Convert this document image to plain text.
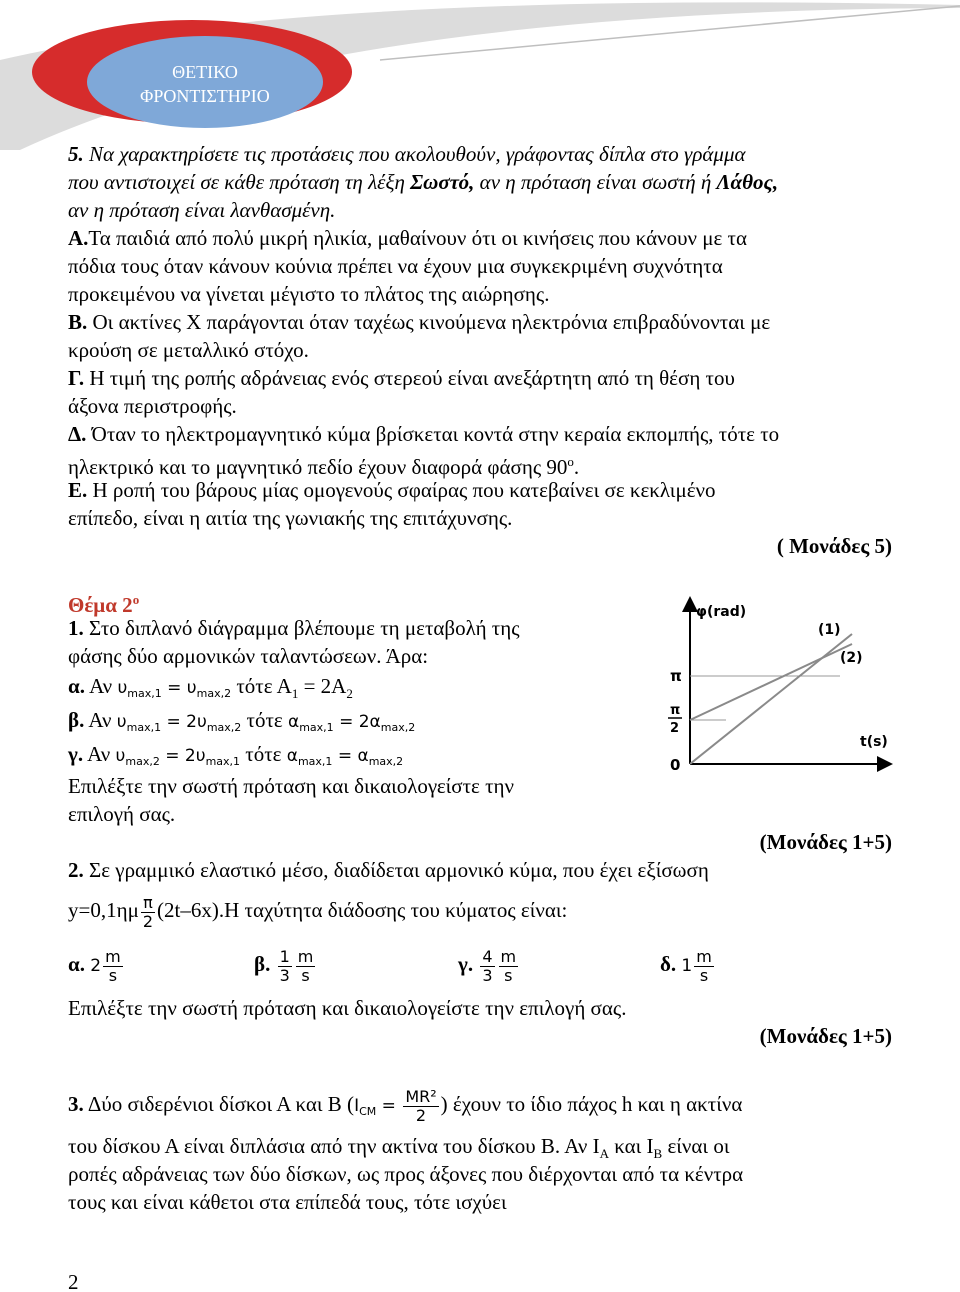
ΘΕΤΙΚΟ
ΦΡΟΝΤΙΣΤΗΡΙΟ
5. Να χαρακτηρίσετε τις προτάσεις που ακολουθούν, γράφοντας δίπλα στο γράμμα
που αντιστοιχεί σε κάθε πρόταση τη λέξη Σωστό, αν η πρόταση είναι σωστή ή Λάθος,
αν η πρόταση είναι λανθασμένη.
Α.Τα παιδιά από πολύ μικρή ηλικία, μαθαίνουν ότι οι κινήσεις που κάνουν με τα
πόδια τους όταν κάνουν κούνια πρέπει να έχουν μια συγκεκριμένη συχνότητα
προκειμένου να γίνεται μέγιστο το πλάτος της αιώρησης.
Β. Οι ακτίνες Χ παράγονται όταν ταχέως κινούμενα ηλεκτρόνια επιβραδύνονται με
κρούση σε μεταλλικό στόχο.
Γ. Η τιμή της ροπής αδράνειας ενός στερεού είναι ανεξάρτητη από τη θέση του
άξονα περιστροφής.
Δ. Όταν το ηλεκτρομαγνητικό κύμα βρίσκεται κοντά στην κεραία εκπομπής, τότε το
ηλεκτρικό και το μαγνητικό πεδίο έχουν διαφορά φάσης $90^o$.
Ε. Η ροπή του βάρους μίας ομογενούς σφαίρας που κατεβαίνει σε κεκλιμένο
επίπεδο, είναι η αιτία της γωνιακής της επιτάχυνσης.
( Μονάδες 5)
Θέμα $2^o$
1. Στο διπλανό διάγραμμα βλέπουμε τη μεταβολή της
φάσης δύο αρμονικών ταλαντώσεων. Άρα:
α. Αν $\upsilon_{max,1} = \upsilon_{max,2}$ τότε $A_1 = 2A_2$
β. Αν $\upsilon_{max,1} = 2\upsilon_{max,2}$ τότε $\alpha_{max,1} = 2\alpha_{max,2}$
γ. Αν $\upsilon_{max,2} = 2\upsilon_{max,1}$ τότε $\alpha_{max,1} = \alpha_{max,2}$
Επιλέξτε την σωστή πρόταση και δικαιολογείστε την
επιλογή σας.
(Μονάδες 1+5)
φ(rad)
t(s)
(1)
(2)
π
π
2
0
2. Σε γραμμικό ελαστικό μέσο, διαδίδεται αρμονικό κύμα, που έχει εξίσωση
$y=0,1\eta\mu \frac{\pi}{2} (2t-6x).H$ ταχύτητα διάδοσης του κύματος είναι:
α. $2 \frac{m}{s}$	β. $\frac{1}{3} \frac{m}{s}$	γ. $\frac{4}{3} \frac{m}{s}$	δ. $1 \frac{m}{s}$
Επιλέξτε την σωστή πρόταση και δικαιολογείστε την επιλογή σας.
(Μονάδες 1+5)
3. Δύο σιδερένιοι δίσκοι Α και Β ($I_{CM} = \frac{\text{MR²}}{2}$ ) έχουν το ίδιο πάχος h και η ακτίνα
του δίσκου Α είναι διπλάσια από την ακτίνα του δίσκου Β. Αν $I_A$ και $I_B$ είναι οι
ροπές αδράνειας των δύο δίσκων, ως προς άξονες που διέρχονται από τα κέντρα
τους και είναι κάθετοι στα επίπεδά τους, τότε ισχύει
2
